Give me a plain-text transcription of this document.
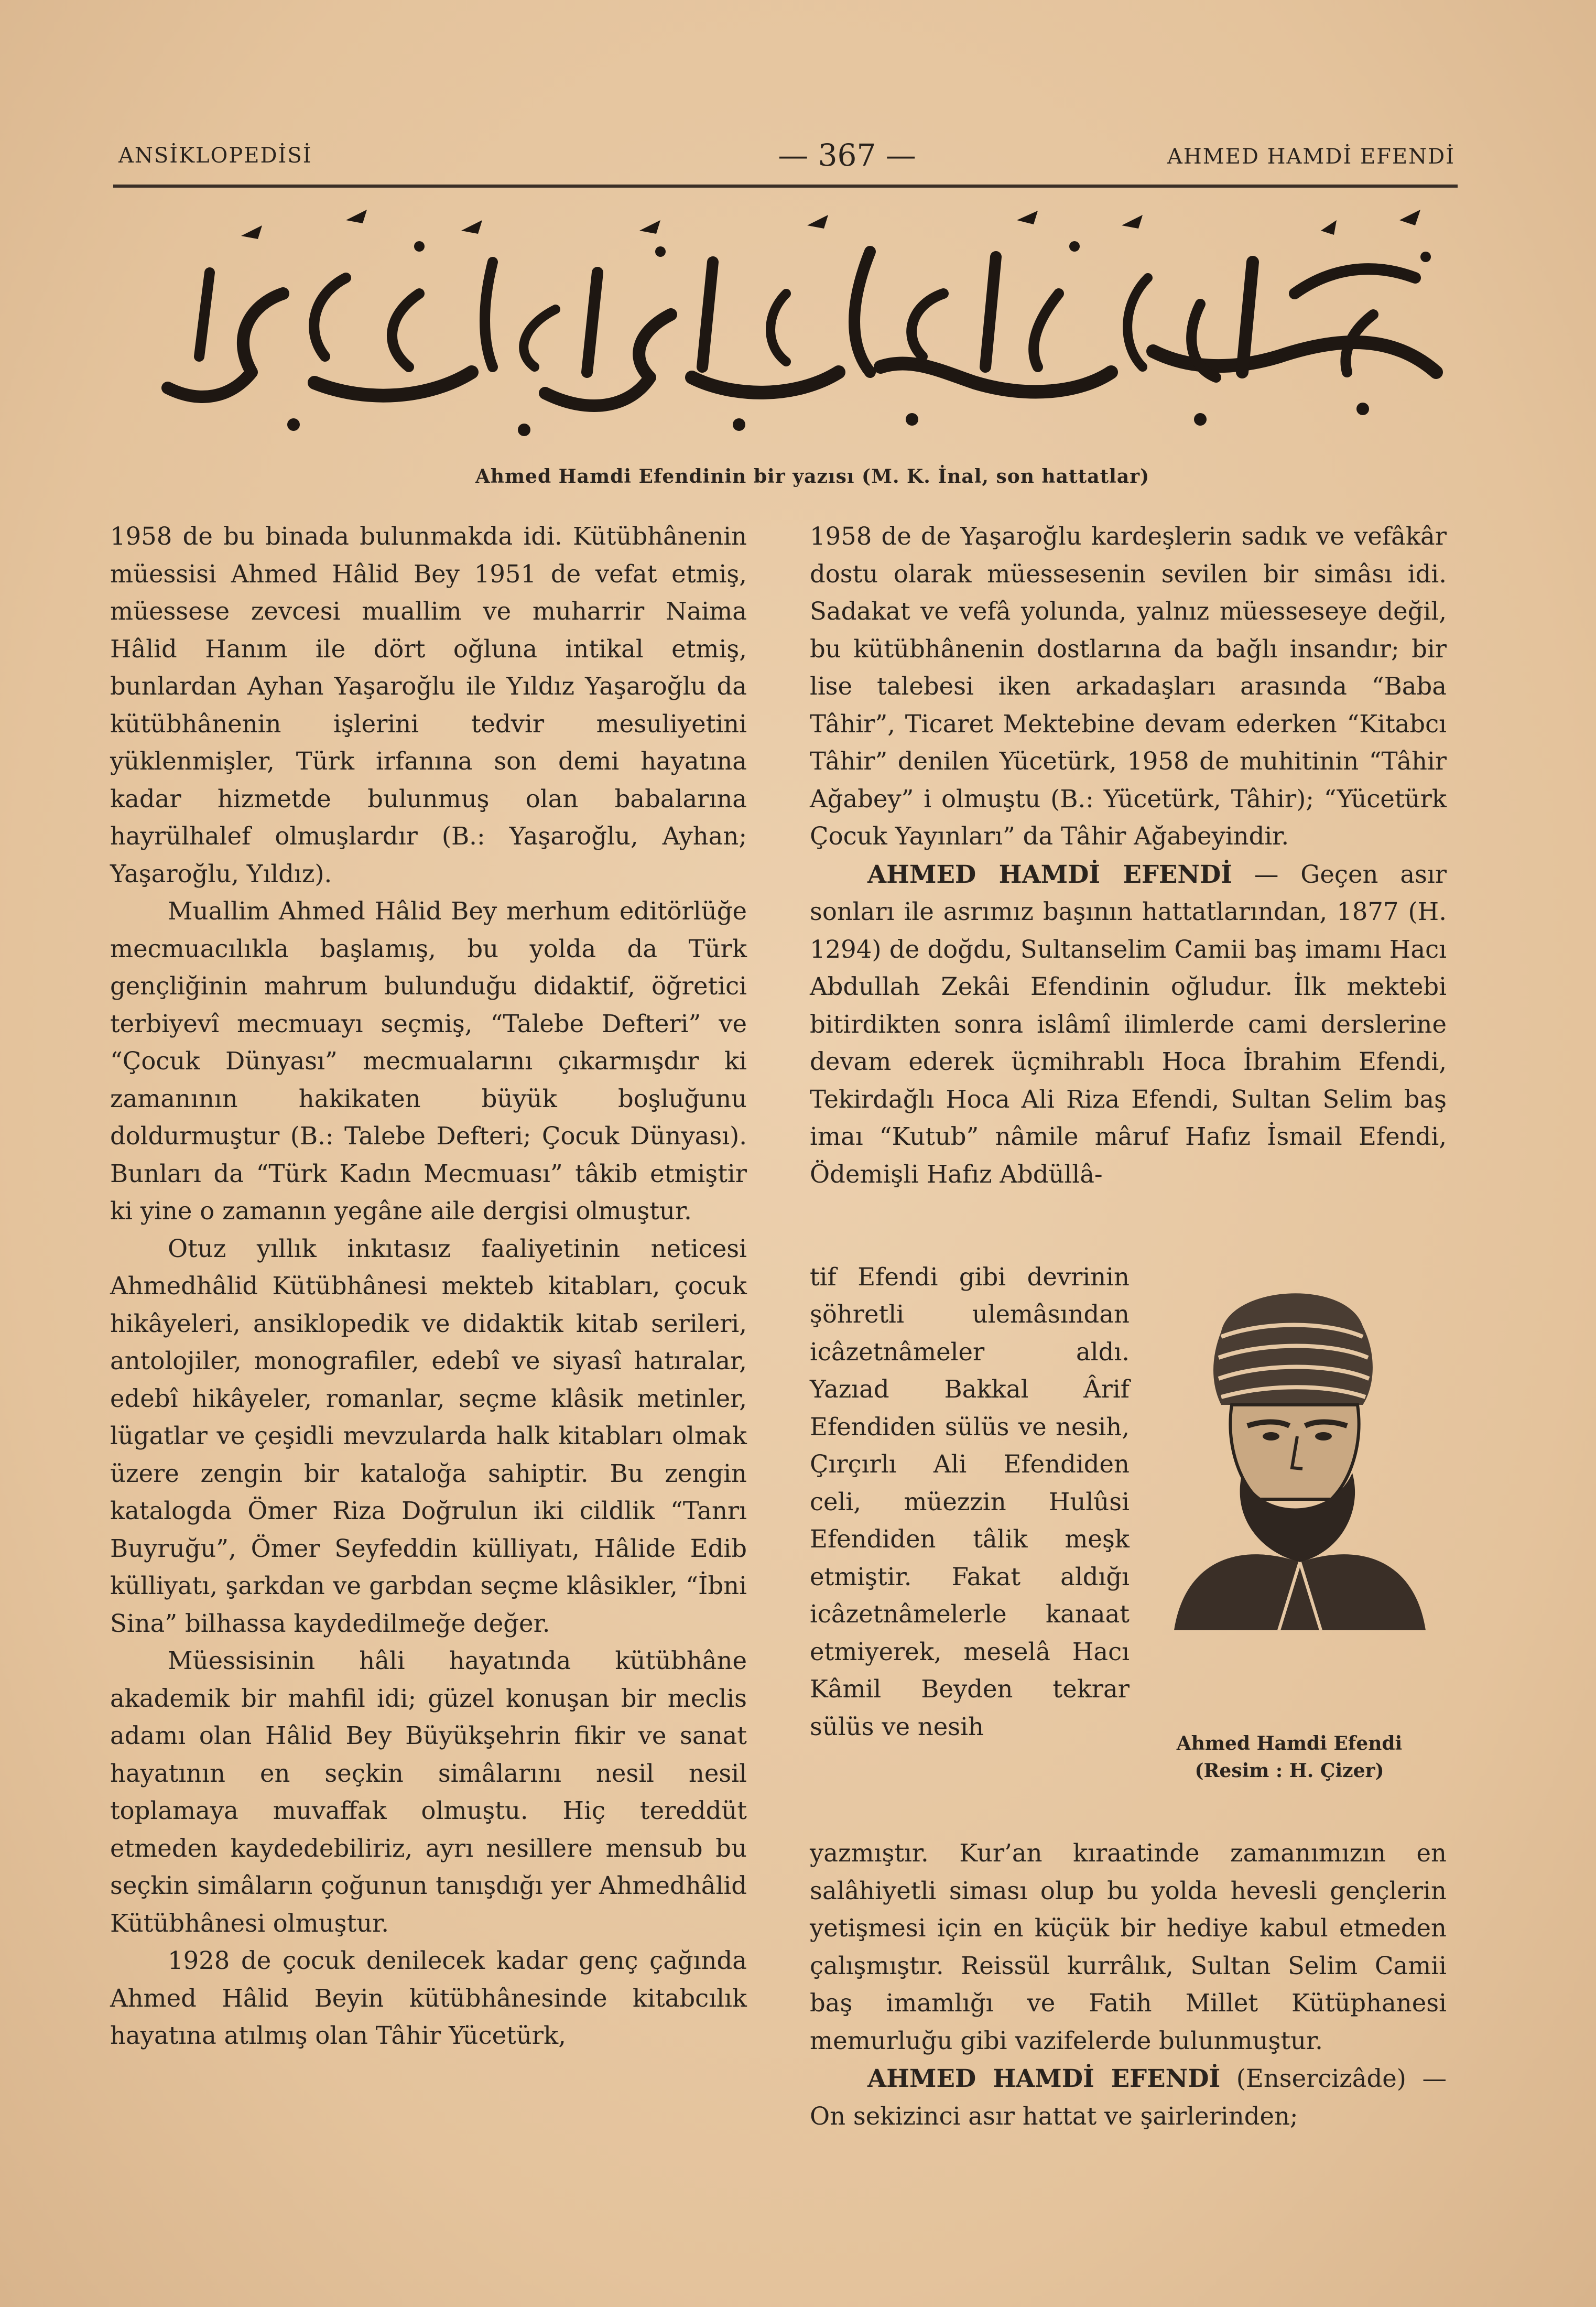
ANSİKLOPEDİSİ	— 367 —	AHMED HAMDİ EFENDİ
فتحنا باسم فتاح لفتح الخير عنوان
Ahmed Hamdi Efendinin bir yazısı (M. K. İnal, son hattatlar)

1958 de bu binada bulunmakda idi. Kütübhânenin müessisi Ahmed Hâlid Bey 1951 de vefat etmiş, müessese zevcesi muallim ve muharrir Naima Hâlid Hanım ile dört oğluna intikal etmiş, bunlardan Ayhan Yaşaroğlu ile Yıldız Yaşaroğlu da kütübhânenin işlerini tedvir mesuliyetini yüklenmişler, Türk irfanına son demi hayatına kadar hizmetde bulunmuş olan babalarına hayrülhalef olmuşlardır (B.: Yaşaroğlu, Ayhan; Yaşaroğlu, Yıldız).

Muallim Ahmed Hâlid Bey merhum editörlüğe mecmuacılıkla başlamış, bu yolda da Türk gençliğinin mahrum bulunduğu didaktif, öğretici terbiyevî mecmuayı seçmiş, “Talebe Defteri” ve “Çocuk Dünyası” mecmualarını çıkarmışdır ki zamanının hakikaten büyük boşluğunu doldurmuştur (B.: Talebe Defteri; Çocuk Dünyası). Bunları da “Türk Kadın Mecmuası” tâkib etmiştir ki yine o zamanın yegâne aile dergisi olmuştur.

Otuz yıllık inkıtasız faaliyetinin neticesi Ahmedhâlid Kütübhânesi mekteb kitabları, çocuk hikâyeleri, ansiklopedik ve didaktik kitab serileri, antolojiler, monografiler, edebî ve siyasî hatıralar, edebî hikâyeler, romanlar, seçme klâsik metinler, lügatlar ve çeşidli mevzularda halk kitabları olmak üzere zengin bir kataloğa sahiptir. Bu zengin katalogda Ömer Riza Doğrulun iki cildlik “Tanrı Buyruğu”, Ömer Seyfeddin külliyatı, Hâlide Edib külliyatı, şarkdan ve garbdan seçme klâsikler, “İbni Sina” bilhassa kaydedilmeğe değer.

Müessisinin hâli hayatında kütübhâne akademik bir mahfil idi; güzel konuşan bir meclis adamı olan Hâlid Bey Büyükşehrin fikir ve sanat hayatının en seçkin simâlarını nesil nesil toplamaya muvaffak olmuştu. Hiç tereddüt etmeden kaydedebiliriz, ayrı nesillere mensub bu seçkin simâların çoğunun tanışdığı yer Ahmedhâlid Kütübhânesi olmuştur.

1928 de çocuk denilecek kadar genç çağında Ahmed Hâlid Beyin kütübhânesinde kitabcılık hayatına atılmış olan Tâhir Yücetürk,

1958 de de Yaşaroğlu kardeşlerin sadık ve vefâkâr dostu olarak müessesenin sevilen bir simâsı idi. Sadakat ve vefâ yolunda, yalnız müesseseye değil, bu kütübhânenin dostlarına da bağlı insandır; bir lise talebesi iken arkadaşları arasında “Baba Tâhir”, Ticaret Mektebine devam ederken “Kitabcı Tâhir” denilen Yücetürk, 1958 de muhitinin “Tâhir Ağabey” i olmuştu (B.: Yücetürk, Tâhir); “Yücetürk Çocuk Yayınları” da Tâhir Ağabeyindir.

AHMED HAMDİ EFENDİ — Geçen asır sonları ile asrımız başının hattatlarından, 1877 (H. 1294) de doğdu, Sultanselim Camii baş imamı Hacı Abdullah Zekâi Efendinin oğludur. İlk mektebi bitirdikten sonra islâmî ilimlerde cami derslerine devam ederek üçmihrablı Hoca İbrahim Efendi, Tekirdağlı Hoca Ali Riza Efendi, Sultan Selim baş imaı “Kutub” nâmile mâruf Hafız İsmail Efendi, Ödemişli Hafız Abdüllâ-

tif Efendi gibi devrinin şöhretli ulemâsından icâzetnâmeler aldı. Yazıad Bakkal Ârif Efendiden sülüs ve nesih, Çırçırlı Ali Efendiden celi, müezzin Hulûsi Efendiden tâlik meşk etmiştir. Fakat aldığı icâzetnâmelerle kanaat etmiyerek, meselâ Hacı Kâmil Beyden tekrar sülüs ve nesih

Ahmed Hamdi Efendi
(Resim : H. Çizer)

yazmıştır. Kur’an kıraatinde zamanımızın en salâhiyetli siması olup bu yolda hevesli gençlerin yetişmesi için en küçük bir hediye kabul etmeden çalışmıştır. Reissül kurrâlık, Sultan Selim Camii baş imamlığı ve Fatih Millet Kütüphanesi memurluğu gibi vazifelerde bulunmuştur.

AHMED HAMDİ EFENDİ (Ensercizâde) — On sekizinci asır hattat ve şairlerinden;
